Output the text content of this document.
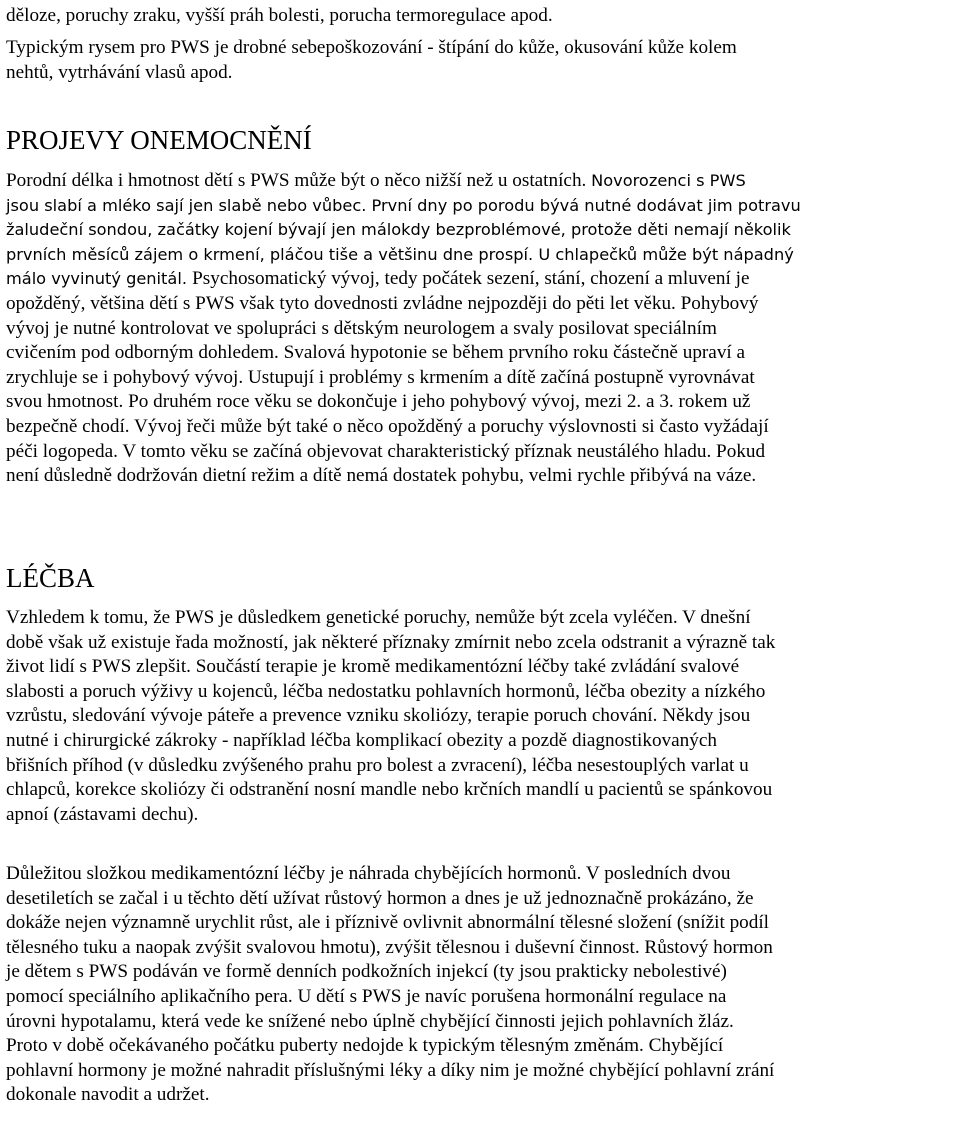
děloze, poruchy zraku, vyšší práh bolesti, porucha termoregulace apod.
Typickým rysem pro PWS je drobné sebepoškozování - štípání do kůže, okusování kůže kolem
nehtů, vytrhávání vlasů apod.
PROJEVY ONEMOCNĚNÍ
Porodní délka i hmotnost dětí s PWS může být o něco nižší než u ostatních. Novorozenci s PWS
jsou slabí a mléko sají jen slabě nebo vůbec. První dny po porodu bývá nutné dodávat jim potravu
žaludeční sondou, začátky kojení bývají jen málokdy bezproblémové, protože děti nemají několik
prvních měsíců zájem o krmení, pláčou tiše a většinu dne prospí. U chlapečků může být nápadný
málo vyvinutý genitál. Psychosomatický vývoj, tedy počátek sezení, stání, chození a mluvení je
opožděný, většina dětí s PWS však tyto dovednosti zvládne nejpozději do pěti let věku. Pohybový
vývoj je nutné kontrolovat ve spolupráci s dětským neurologem a svaly posilovat speciálním
cvičením pod odborným dohledem. Svalová hypotonie se během prvního roku částečně upraví a
zrychluje se i pohybový vývoj. Ustupují i problémy s krmením a dítě začíná postupně vyrovnávat
svou hmotnost. Po druhém roce věku se dokončuje i jeho pohybový vývoj, mezi 2. a 3. rokem už
bezpečně chodí. Vývoj řeči může být také o něco opožděný a poruchy výslovnosti si často vyžádají
péči logopeda. V tomto věku se začíná objevovat charakteristický příznak neustálého hladu. Pokud
není důsledně dodržován dietní režim a dítě nemá dostatek pohybu, velmi rychle přibývá na váze.
LÉČBA
Vzhledem k tomu, že PWS je důsledkem genetické poruchy, nemůže být zcela vyléčen. V dnešní
době však už existuje řada možností, jak některé příznaky zmírnit nebo zcela odstranit a výrazně tak
život lidí s PWS zlepšit. Součástí terapie je kromě medikamentózní léčby také zvládání svalové
slabosti a poruch výživy u kojenců, léčba nedostatku pohlavních hormonů, léčba obezity a nízkého
vzrůstu, sledování vývoje páteře a prevence vzniku skoliózy, terapie poruch chování. Někdy jsou
nutné i chirurgické zákroky - například léčba komplikací obezity a pozdě diagnostikovaných
břišních příhod (v důsledku zvýšeného prahu pro bolest a zvracení), léčba nesestouplých varlat u
chlapců, korekce skoliózy či odstranění nosní mandle nebo krčních mandlí u pacientů se spánkovou
apnoí (zástavami dechu).
Důležitou složkou medikamentózní léčby je náhrada chybějících hormonů. V posledních dvou
desetiletích se začal i u těchto dětí užívat růstový hormon a dnes je už jednoznačně prokázáno, že
dokáže nejen významně urychlit růst, ale i příznivě ovlivnit abnormální tělesné složení (snížit podíl
tělesného tuku a naopak zvýšit svalovou hmotu), zvýšit tělesnou i duševní činnost. Růstový hormon
je dětem s PWS podáván ve formě denních podkožních injekcí (ty jsou prakticky nebolestivé)
pomocí speciálního aplikačního pera. U dětí s PWS je navíc porušena hormonální regulace na
úrovni hypotalamu, která vede ke snížené nebo úplně chybějící činnosti jejich pohlavních žláz.
Proto v době očekávaného počátku puberty nedojde k typickým tělesným změnám. Chybějící
pohlavní hormony je možné nahradit příslušnými léky a díky nim je možné chybějící pohlavní zrání
dokonale navodit a udržet.
